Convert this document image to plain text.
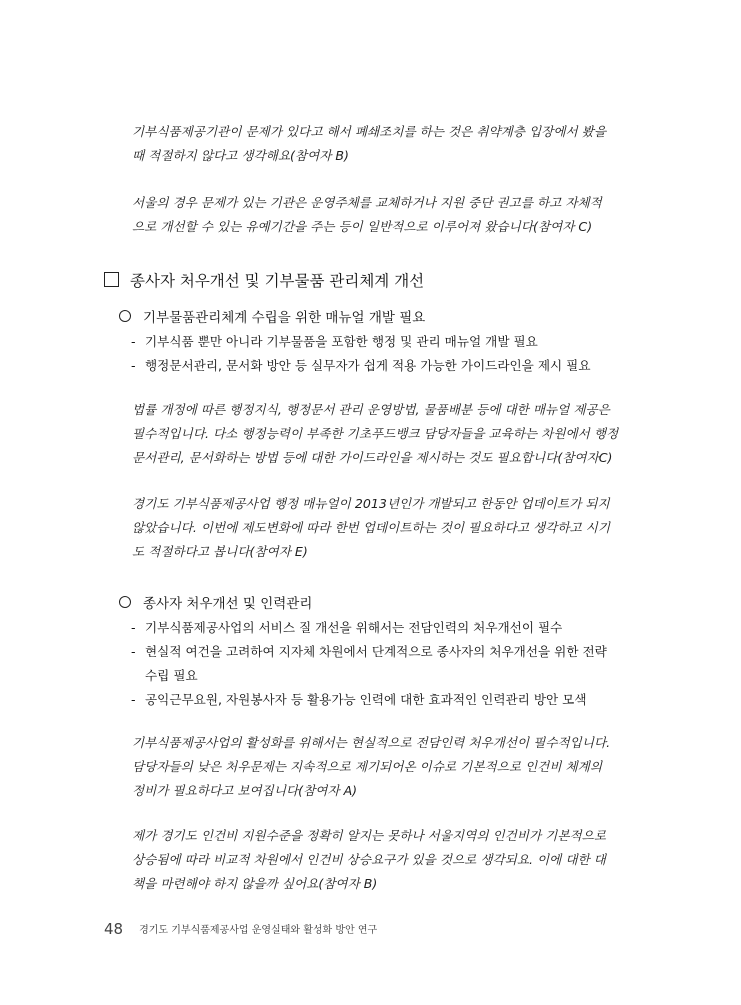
기부식품제공기관이 문제가 있다고 해서 폐쇄조치를 하는 것은 취약계층 입장에서 봤을

때 적절하지 않다고 생각해요(참여자 B)

서울의 경우 문제가 있는 기관은 운영주체를 교체하거나 지원 중단 권고를 하고 자체적

으로 개선할 수 있는 유예기간을 주는 등이 일반적으로 이루어져 왔습니다(참여자 C)

종사자 처우개선 및 기부물품 관리체계 개선
기부물품관리체계 수립을 위한 매뉴얼 개발 필요
- 기부식품 뿐만 아니라 기부물품을 포함한 행정 및 관리 매뉴얼 개발 필요
- 행정문서관리, 문서화 방안 등 실무자가 쉽게 적용 가능한 가이드라인을 제시 필요

법률 개정에 따른 행정지식, 행정문서 관리 운영방법, 물품배분 등에 대한 매뉴얼 제공은

필수적입니다. 다소 행정능력이 부족한 기초푸드뱅크 담당자들을 교육하는 차원에서 행정

문서관리, 문서화하는 방법 등에 대한 가이드라인을 제시하는 것도 필요합니다(참여자C)

경기도 기부식품제공사업 행정 매뉴얼이 2013년인가 개발되고 한동안 업데이트가 되지

않았습니다. 이번에 제도변화에 따라 한번 업데이트하는 것이 필요하다고 생각하고 시기

도 적절하다고 봅니다(참여자 E)

종사자 처우개선 및 인력관리
- 기부식품제공사업의 서비스 질 개선을 위해서는 전담인력의 처우개선이 필수
- 현실적 여건을 고려하여 지자체 차원에서 단계적으로 종사자의 처우개선을 위한 전략
수립 필요
- 공익근무요원, 자원봉사자 등 활용가능 인력에 대한 효과적인 인력관리 방안 모색

기부식품제공사업의 활성화를 위해서는 현실적으로 전담인력 처우개선이 필수적입니다.

담당자들의 낮은 처우문제는 지속적으로 제기되어온 이슈로 기본적으로 인건비 체계의

정비가 필요하다고 보여집니다(참여자 A)

제가 경기도 인건비 지원수준을 정확히 알지는 못하나 서울지역의 인건비가 기본적으로

상승됨에 따라 비교적 차원에서 인건비 상승요구가 있을 것으로 생각되요. 이에 대한 대

책을 마련해야 하지 않을까 싶어요(참여자 B)

48 경기도 기부식품제공사업 운영실태와 활성화 방안 연구
